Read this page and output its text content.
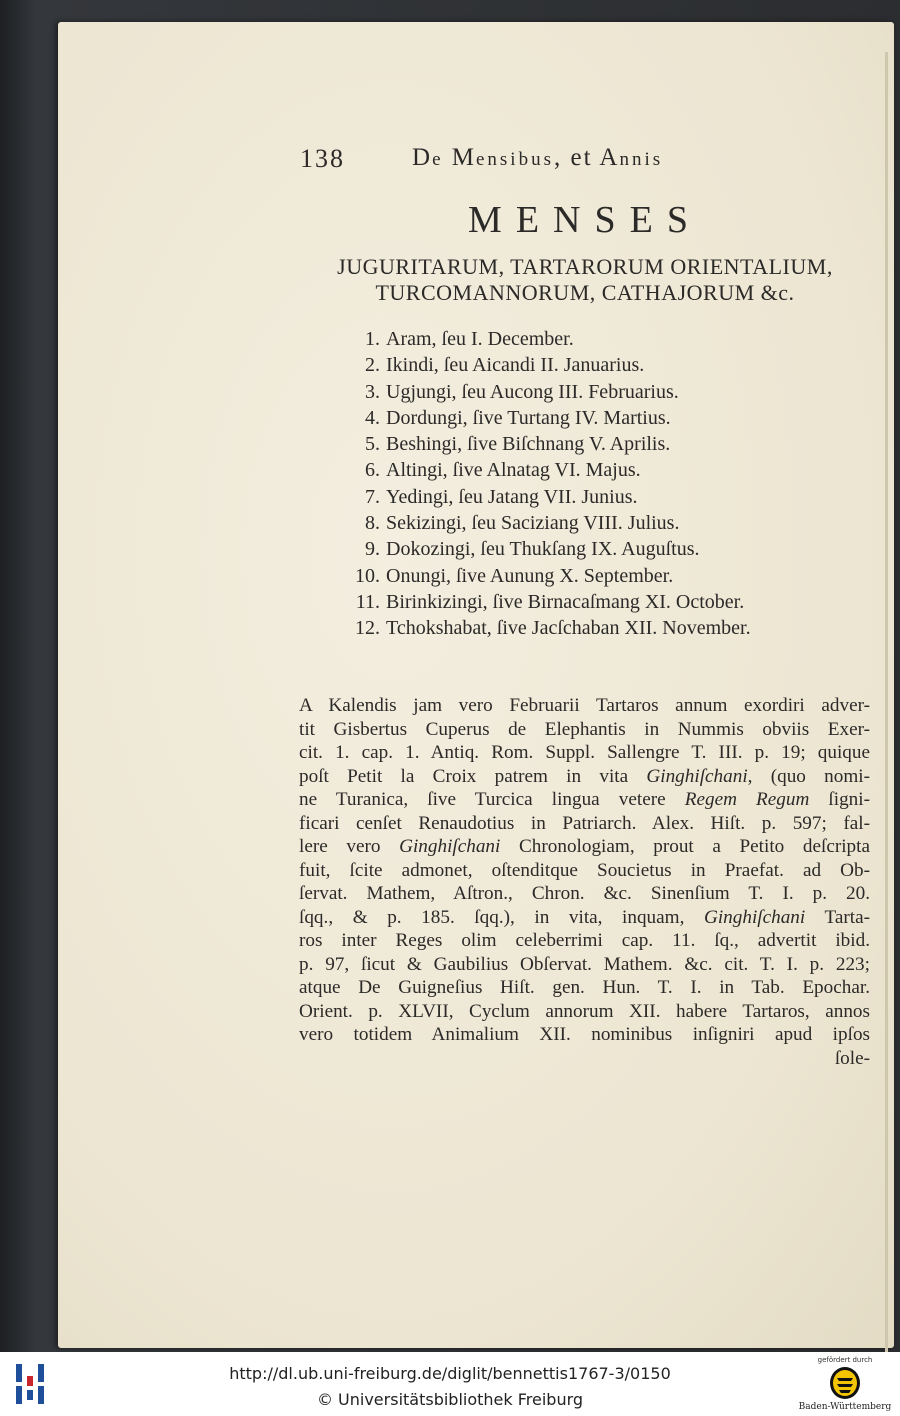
138	De Mensibus, et Annis
MENSES
JUGURITARUM, TARTARORUM ORIENTALIUM,
TURCOMANNORUM, CATHAJORUM &c.
1. Aram, ſeu I. December.
2. Ikindi, ſeu Aicandi II. Januarius.
3. Ugjungi, ſeu Aucong III. Februarius.
4. Dordungi, ſive Turtang IV. Martius.
5. Beshingi, ſive Biſchnang V. Aprilis.
6. Altingi, ſive Alnatag VI. Majus.
7. Yedingi, ſeu Jatang VII. Junius.
8. Sekizingi, ſeu Saciziang VIII. Julius.
9. Dokozingi, ſeu Thukſang IX. Auguſtus.
10. Onungi, ſive Aunung X. September.
11. Birinkizingi, ſive Birnacaſmang XI. October.
12. Tchokshabat, ſive Jacſchaban XII. November.
A Kalendis jam vero Februarii Tartaros annum exordiri adver-
tit Gisbertus Cuperus de Elephantis in Nummis obviis Exer-
cit. 1. cap. 1. Antiq. Rom. Suppl. Sallengre T. III. p. 19; quique
poſt Petit la Croix patrem in vita Ginghiſchani, (quo nomi-
ne Turanica, ſive Turcica lingua vetere Regem Regum ſigni-
ficari cenſet Renaudotius in Patriarch. Alex. Hiſt. p. 597; fal-
lere vero Ginghiſchani Chronologiam, prout a Petito deſcripta
fuit, ſcite admonet, oſtenditque Soucietus in Praefat. ad Ob-
ſervat. Mathem, Aſtron., Chron. &c. Sinenſium T. I. p. 20.
ſqq., & p. 185. ſqq.), in vita, inquam, Ginghiſchani Tarta-
ros inter Reges olim celeberrimi cap. 11. ſq., advertit ibid.
p. 97, ſicut & Gaubilius Obſervat. Mathem. &c. cit. T. I. p. 223;
atque De Guigneſius Hiſt. gen. Hun. T. I. in Tab. Epochar.
Orient. p. XLVII, Cyclum annorum XII. habere Tartaros, annos
vero totidem Animalium XII. nominibus inſigniri apud ipſos
ſole-
http://dl.ub.uni-freiburg.de/diglit/bennettis1767-3/0150
© Universitätsbibliothek Freiburg
gefördert durch
Baden-Württemberg
